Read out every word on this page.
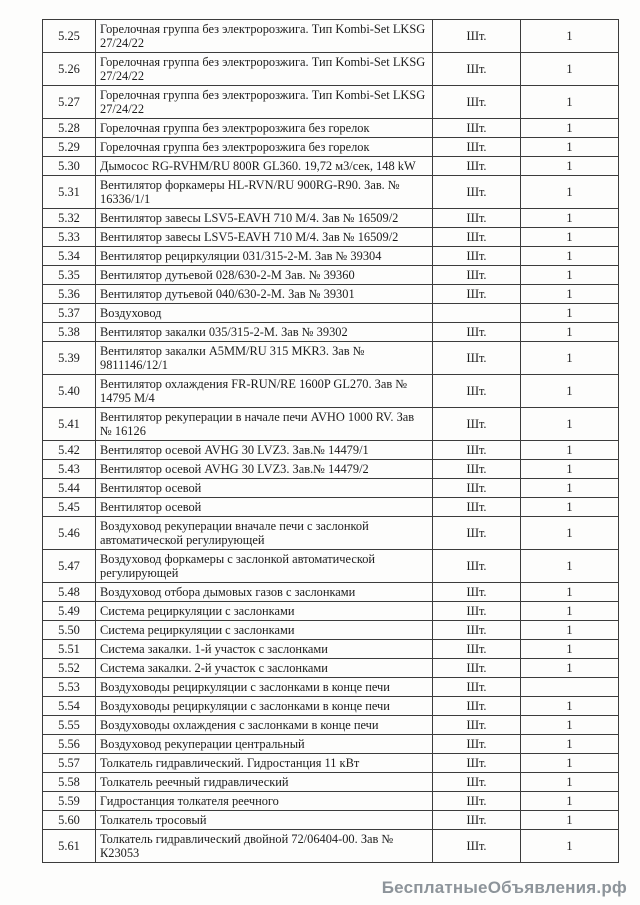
5.25	Горелочная группа без электророзжига. Тип Kombi-Set LKSG 27/24/22	Шт.	1
5.26	Горелочная группа без электророзжига. Тип Kombi-Set LKSG 27/24/22	Шт.	1
5.27	Горелочная группа без электророзжига. Тип Kombi-Set LKSG 27/24/22	Шт.	1
5.28	Горелочная группа без электророзжига без горелок	Шт.	1
5.29	Горелочная группа без электророзжига без горелок	Шт.	1
5.30	Дымосос RG-RVHM/RU 800R GL360. 19,72 м3/сек, 148 kW	Шт.	1
5.31	Вентилятор форкамеры HL-RVN/RU 900RG-R90. Зав. № 16336/1/1	Шт.	1
5.32	Вентилятор завесы LSV5-EAVH 710 М/4. Зав № 16509/2	Шт.	1
5.33	Вентилятор завесы LSV5-EAVH 710 М/4. Зав № 16509/2	Шт.	1
5.34	Вентилятор рециркуляции 031/315-2-М. Зав № 39304	Шт.	1
5.35	Вентилятор дутьевой 028/630-2-М Зав. № 39360	Шт.	1
5.36	Вентилятор дутьевой 040/630-2-М. Зав № 39301	Шт.	1
5.37	Воздуховод		1
5.38	Вентилятор закалки 035/315-2-М. Зав № 39302	Шт.	1
5.39	Вентилятор закалки A5MM/RU 315 MKR3. Зав № 9811146/12/1	Шт.	1
5.40	Вентилятор охлаждения FR-RUN/RE 1600P GL270. Зав № 14795 М/4	Шт.	1
5.41	Вентилятор рекуперации в начале печи AVHO 1000 RV. Зав № 16126	Шт.	1
5.42	Вентилятор осевой AVHG 30 LVZ3. Зав.№ 14479/1	Шт.	1
5.43	Вентилятор осевой AVHG 30 LVZ3. Зав.№ 14479/2	Шт.	1
5.44	Вентилятор осевой	Шт.	1
5.45	Вентилятор осевой	Шт.	1
5.46	Воздуховод рекуперации вначале печи с заслонкой автоматической регулирующей	Шт.	1
5.47	Воздуховод форкамеры с заслонкой автоматической регулирующей	Шт.	1
5.48	Воздуховод отбора дымовых газов с заслонками	Шт.	1
5.49	Система рециркуляции с заслонками	Шт.	1
5.50	Система рециркуляции с заслонками	Шт.	1
5.51	Система закалки. 1-й участок с заслонками	Шт.	1
5.52	Система закалки. 2-й участок с заслонками	Шт.	1
5.53	Воздуховоды рециркуляции с заслонками в конце печи	Шт.	
5.54	Воздуховоды рециркуляции с заслонками в конце печи	Шт.	1
5.55	Воздуховоды охлаждения с заслонками в конце печи	Шт.	1
5.56	Воздуховод рекуперации центральный	Шт.	1
5.57	Толкатель гидравлический. Гидростанция 11 кВт	Шт.	1
5.58	Толкатель реечный гидравлический	Шт.	1
5.59	Гидростанция толкателя реечного	Шт.	1
5.60	Толкатель тросовый	Шт.	1
5.61	Толкатель гидравлический двойной 72/06404-00. Зав № К23053	Шт.	1
БесплатныеОбъявления.рф
